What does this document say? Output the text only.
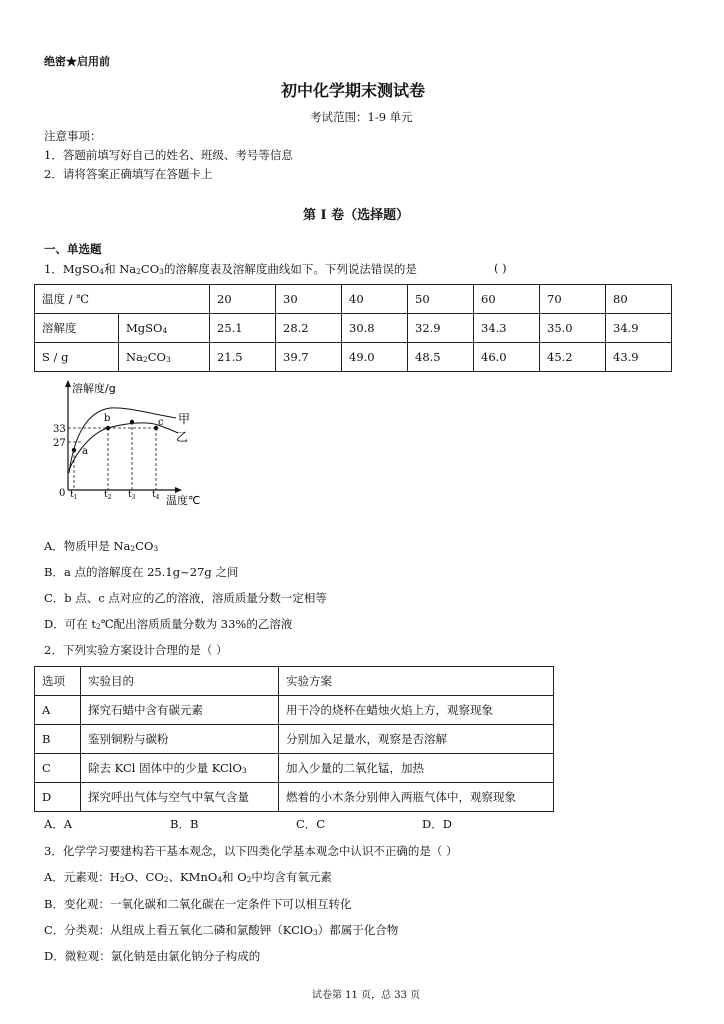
绝密★启用前
初中化学期末测试卷
考试范围：1-9 单元
注意事项：
1．答题前填写好自己的姓名、班级、考号等信息
2．请将答案正确填写在答题卡上
第 I 卷（选择题）
一、单选题
1．MgSO$_4$和 $Na_2CO_3$的溶解度表及溶解度曲线如下。下列说法错误的是	( )
温度 / ℃		20	30	40	50	60	70	80
溶解度	MgSO$_4$	25.1	28.2	30.8	32.9	34.3	35.0	34.9
S / g	$Na_2CO_3$	21.5	39.7	49.0	48.5	46.0	45.2	43.9
溶解度/g
33
27
0
a
b	c 甲
乙
$t_1$	$t_2$ $t_3$ $t_4$ 温度℃
A．物质甲是 $Na_2CO_3$
B．a 点的溶解度在 25.1g~27g 之间
C．b 点、c 点对应的乙的溶液，溶质质量分数一定相等
D．可在 $t_2℃$配出溶质质量分数为 33%的乙溶液
2．下列实验方案设计合理的是（ ）
选项	实验目的	实验方案
A	探究石蜡中含有碳元素	用干冷的烧杯在蜡烛火焰上方，观察现象
B	鉴别铜粉与碳粉	分别加入足量水，观察是否溶解
C	除去 KCl 固体中的少量 KClO$_3$	加入少量的二氧化锰，加热
D	探究呼出气体与空气中氧气含量	燃着的小木条分别伸入两瓶气体中，观察现象
A．A	B．B	C．C	D．D
3．化学学习要建构若干基本观念，以下四类化学基本观念中认识不正确的是（ ）
A．元素观：$H_2O$、$CO_2$、KMnO$_4$和 $O_2$中均含有氧元素
B．变化观：一氧化碳和二氧化碳在一定条件下可以相互转化
C．分类观：从组成上看五氧化二磷和氯酸钾（KClO$_3$）都属于化合物
D．微粒观：氯化钠是由氯化钠分子构成的
试卷第 11 页，总 33 页
